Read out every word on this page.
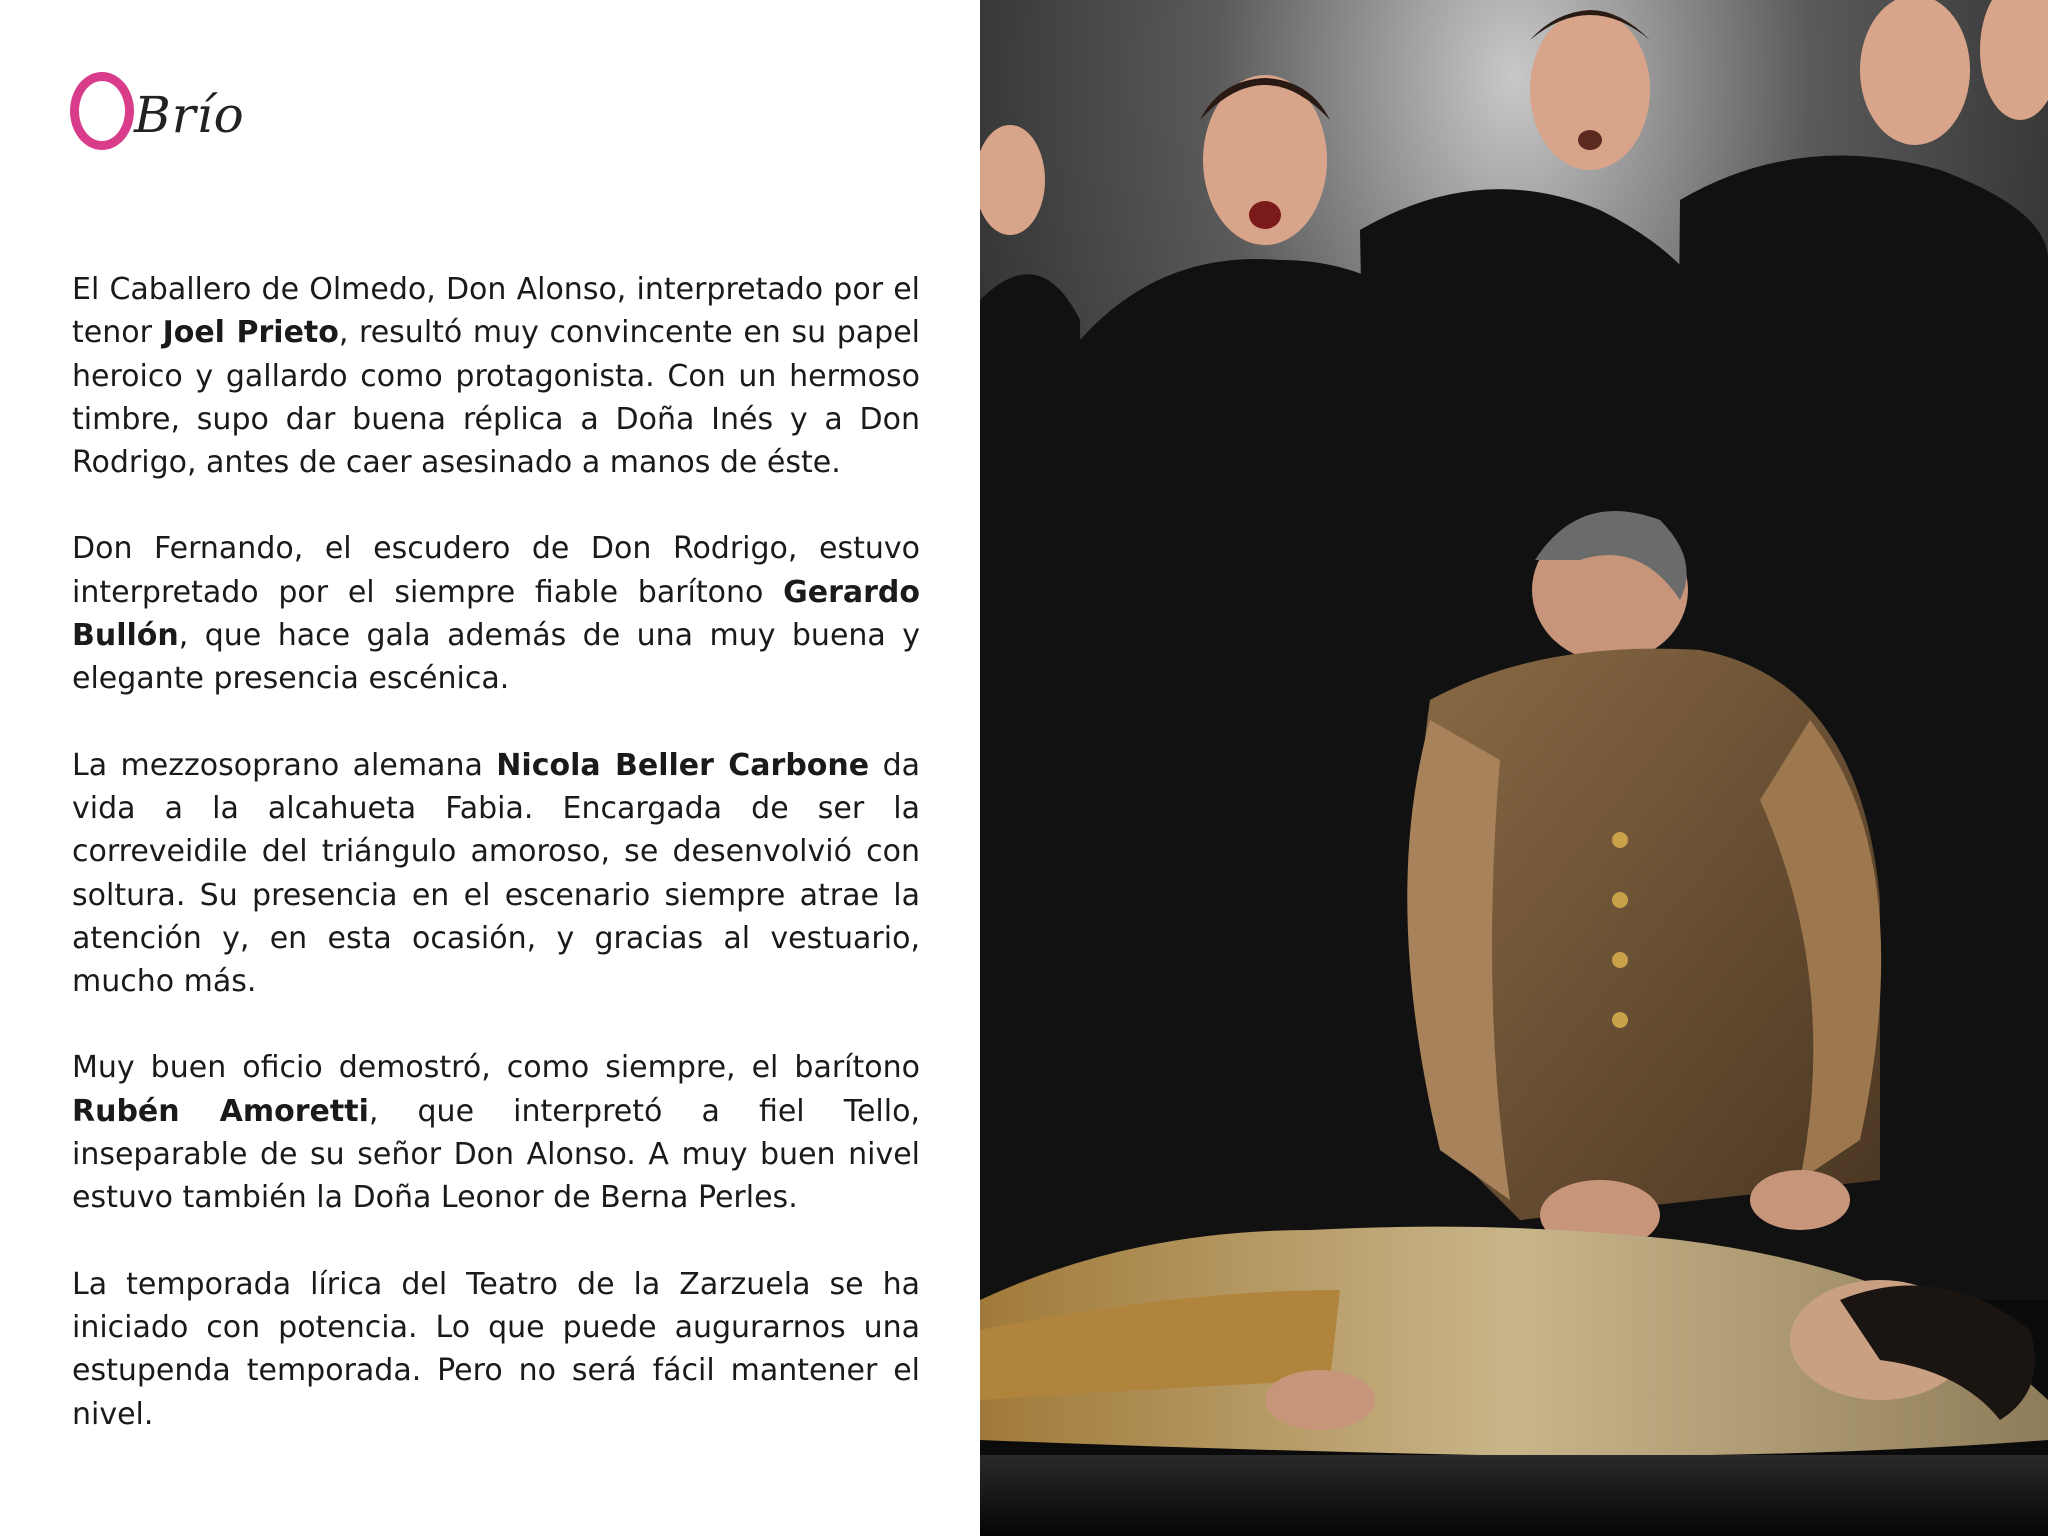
Brío

El Caballero de Olmedo, Don Alonso, interpretado por el tenor Joel Prieto, resultó muy convincente en su papel heroico y gallardo como protagonista. Con un hermoso timbre, supo dar buena réplica a Doña Inés y a Don Rodrigo, antes de caer asesinado a manos de éste.

Don Fernando, el escudero de Don Rodrigo, estuvo interpretado por el siempre fiable barítono Gerardo Bullón, que hace gala además de una muy buena y elegante presencia escénica.

La mezzosoprano alemana Nicola Beller Carbone da vida a la alcahueta Fabia. Encargada de ser la correveidile del triángulo amoroso, se desenvolvió con soltura. Su presencia en el escenario siempre atrae la atención y, en esta ocasión, y gracias al vestuario, mucho más.

Muy buen oficio demostró, como siempre, el barítono Rubén Amoretti, que interpretó a fiel Tello, inseparable de su señor Don Alonso. A muy buen nivel estuvo también la Doña Leonor de Berna Perles.

La temporada lírica del Teatro de la Zarzuela se ha iniciado con potencia. Lo que puede augurarnos una estupenda temporada. Pero no será fácil mantener el nivel.
